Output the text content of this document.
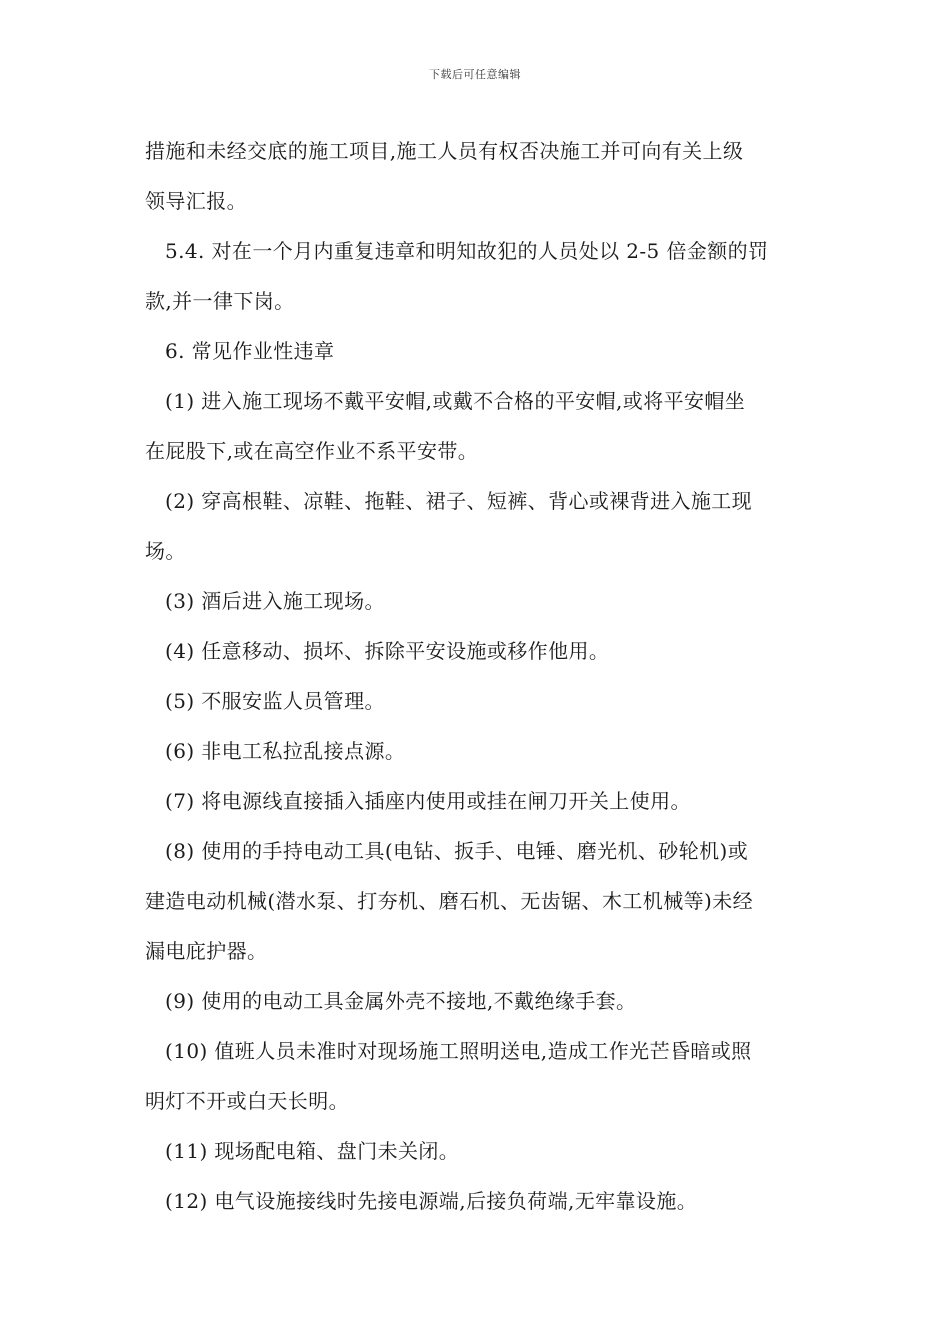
下载后可任意编辑
措施和未经交底的施工项目,施工人员有权否决施工并可向有关上级
领导汇报。
5.4. 对在一个月内重复违章和明知故犯的人员处以 2-5 倍金额的罚
款,并一律下岗。
6. 常见作业性违章
(1) 进入施工现场不戴平安帽,或戴不合格的平安帽,或将平安帽坐
在屁股下,或在高空作业不系平安带。
(2) 穿高根鞋、凉鞋、拖鞋、裙子、短裤、背心或裸背进入施工现
场。
(3) 酒后进入施工现场。
(4) 任意移动、损坏、拆除平安设施或移作他用。
(5) 不服安监人员管理。
(6) 非电工私拉乱接点源。
(7) 将电源线直接插入插座内使用或挂在闸刀开关上使用。
(8) 使用的手持电动工具(电钻、扳手、电锤、磨光机、砂轮机)或
建造电动机械(潜水泵、打夯机、磨石机、无齿锯、木工机械等)未经
漏电庇护器。
(9) 使用的电动工具金属外壳不接地,不戴绝缘手套。
(10) 值班人员未准时对现场施工照明送电,造成工作光芒昏暗或照
明灯不开或白天长明。
(11) 现场配电箱、盘门未关闭。
(12) 电气设施接线时先接电源端,后接负荷端,无牢靠设施。
